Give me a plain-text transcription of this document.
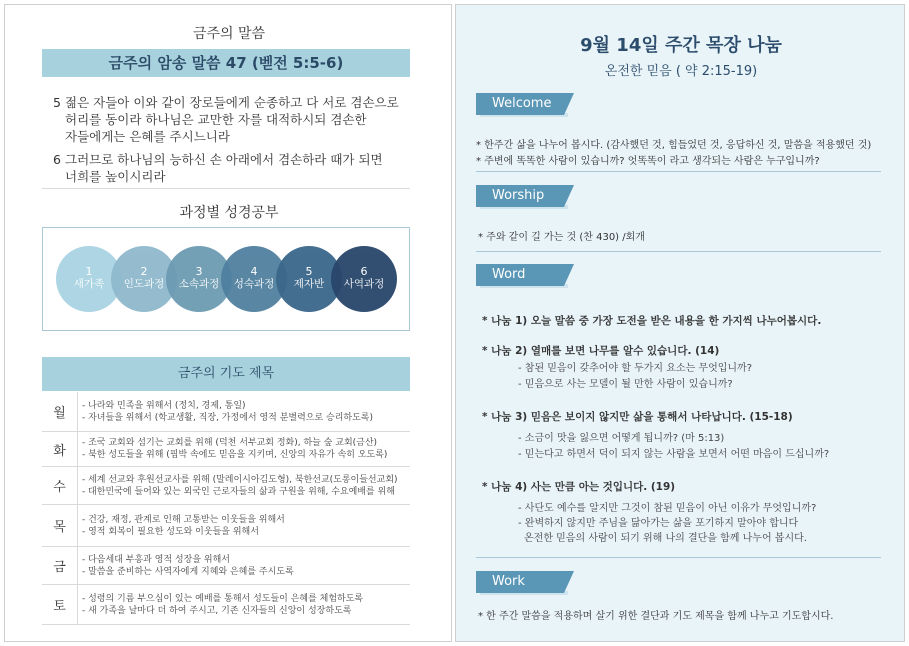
금주의 말씀
금주의 암송 말씀 47 (벧전 5:5-6)
5 젊은 자들아 이와 같이 장로들에게 순종하고 다 서로 겸손으로
허리를 동이라 하나님은 교만한 자를 대적하시되 겸손한
자들에게는 은혜를 주시느니라
6 그러므로 하나님의 능하신 손 아래에서 겸손하라 때가 되면
너희를 높이시리라
과정별 성경공부
1
새가족
2
인도과정
3
소속과정
4
성숙과정
5
제자반
6
사역과정
금주의 기도 제목
월
- 나라와 민족을 위해서 (정치, 경제, 통일)
- 자녀들을 위해서 (학교생활, 직장, 가정에서 영적 분별력으로 승리하도록)
화
- 조국 교회와 섬기는 교회를 위해 (덕천 서부교회 정화), 하늘 숲 교회(금산)
- 북한 성도들을 위해 (핍박 속에도 믿음을 지키며, 신앙의 자유가 속히 오도록)
수
- 세계 선교와 후원선교사를 위해 (말레이시아김도형), 북한선교(도롱이들선교회)
- 대한민국에 들어와 있는 외국인 근로자들의 삶과 구원을 위해, 수요예배를 위해
목
- 건강, 재정, 관계로 인해 고통받는 이웃들을 위해서
- 영적 회복이 필요한 성도와 이웃들을 위해서
금
- 다음세대 부흥과 영적 성장을 위해서
- 말씀을 준비하는 사역자에게 지혜와 은혜를 주시도록
토
- 성령의 기름 부으심이 있는 예배를 통해서 성도들이 은혜를 체험하도록
- 새 가족을 날마다 더 하여 주시고, 기존 신자들의 신앙이 성장하도록
9월 14일 주간 목장 나눔
온전한 믿음 ( 약 2:15-19)
Welcome
* 한주간 삶을 나누어 봅시다. (감사했던 것, 힘들었던 것, 응답하신 것, 말씀을 적용했던 것)
* 주변에 똑똑한 사람이 있습니까? 엇똑똑이 라고 생각되는 사람은 누구입니까?
Worship
* 주와 같이 길 가는 것 (찬 430) /회개
Word
* 나눔 1) 오늘 말씀 중 가장 도전을 받은 내용을 한 가지씩 나누어봅시다.
* 나눔 2) 열매를 보면 나무를 알수 있습니다. (14)
- 참된 믿음이 갖추어야 할 두가지 요소는 무엇입니까?
- 믿음으로 사는 모델이 될 만한 사람이 있습니까?
* 나눔 3) 믿음은 보이지 않지만 삶을 통해서 나타납니다. (15-18)
- 소금이 맛을 잃으면 어떻게 됩니까? (마 5:13)
- 믿는다고 하면서 덕이 되지 않는 사람을 보면서 어떤 마음이 드십니까?
* 나눔 4) 사는 만큼 아는 것입니다. (19)
- 사단도 예수를 알지만 그것이 참된 믿음이 아닌 이유가 무엇입니까?
- 완벽하지 않지만 주님을 닮아가는 삶을 포기하지 말아야 합니다
온전한 믿음의 사람이 되기 위해 나의 결단을 함께 나누어 봅시다.
Work
* 한 주간 말씀을 적용하며 살기 위한 결단과 기도 제목을 함께 나누고 기도합시다.
